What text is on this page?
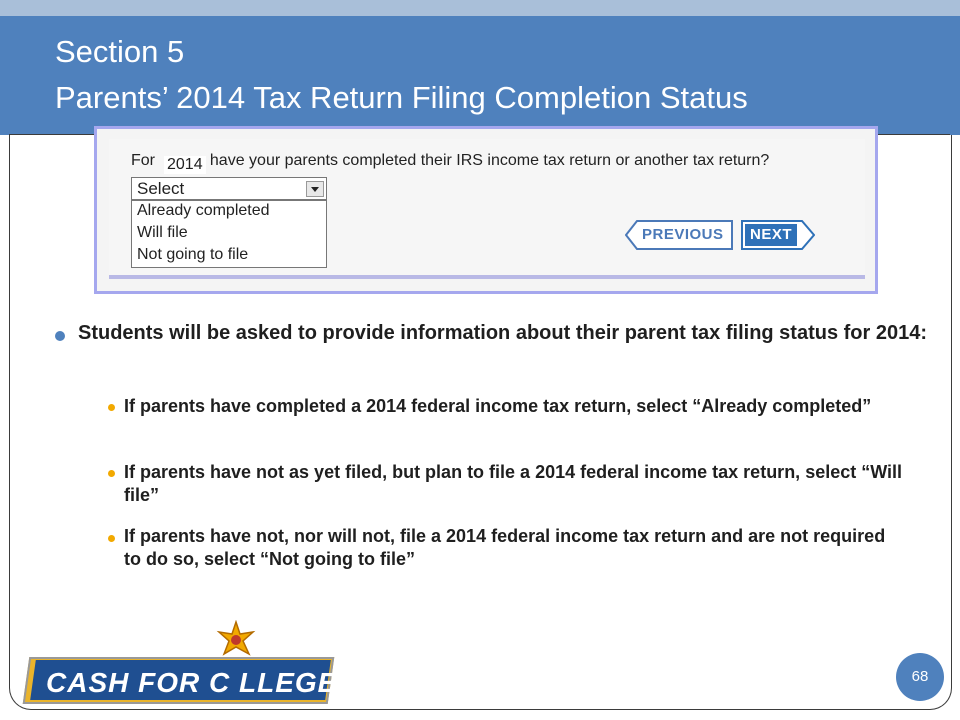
Section 5
Parents’ 2014 Tax Return Filing Completion Status
For	have your parents completed their IRS income tax return or another tax return?
2014
Select
Already completed
Will file
Not going to file
PREVIOUS NEXT
Students will be asked to provide information about their parent tax filing status for 2014:
If parents have completed a 2014 federal income tax return, select “Already completed”
If parents have not as yet filed, but plan to file a 2014 federal income tax return, select “Will file”
If parents have not, nor will not, file a 2014 federal income tax return and are not required to do so, select “Not going to file”
CASH FOR C LLEGE	68
